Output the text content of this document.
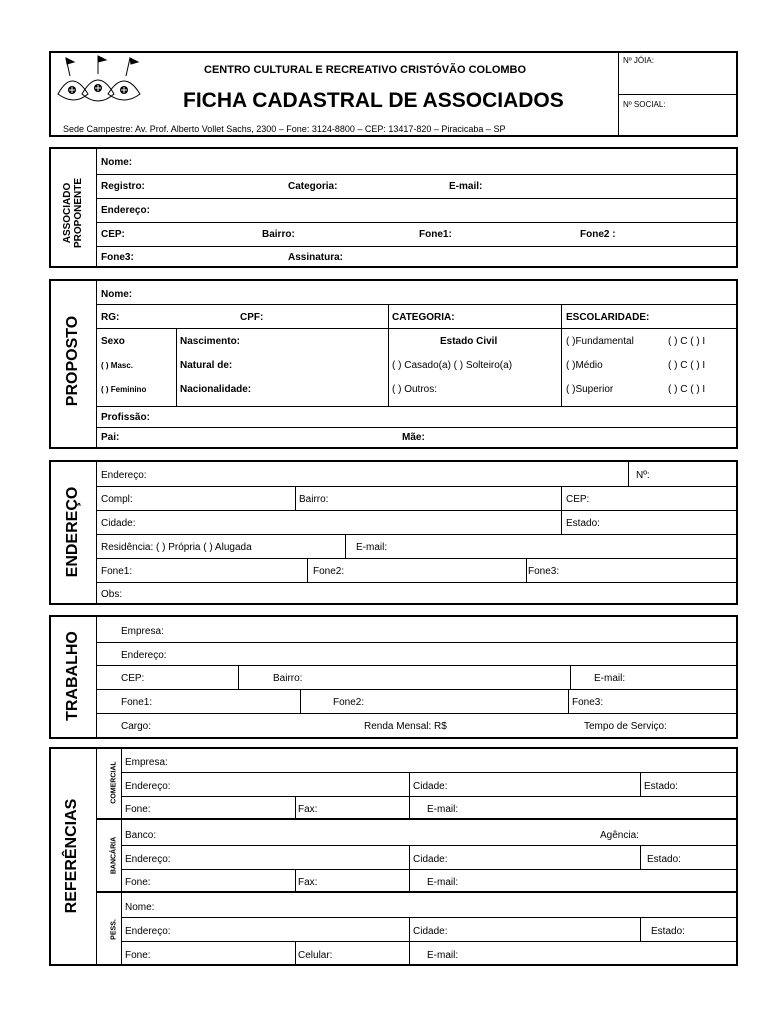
CENTRO CULTURAL E RECREATIVO CRISTÓVÃO COLOMBO
FICHA CADASTRAL DE ASSOCIADOS
Sede Campestre: Av. Prof. Alberto Vollet Sachs, 2300 – Fone: 3124-8800 – CEP: 13417-820 – Piracicaba – SP
Nº JÓIA:
Nº SOCIAL:
ASSOCIADO PROPONENTE
Nome:
Registro:	Categoria:	E-mail:
Endereço:
CEP:	Bairro:	Fone1:	Fone2 :
Fone3:	Assinatura:
PROPOSTO
Nome:
RG:	CPF:	CATEGORIA:	ESCOLARIDADE:
Sexo	Nascimento:	Estado Civil	( )Fundamental	( ) C ( ) I
( ) Masc.	Natural de:	( ) Casado(a) ( ) Solteiro(a)	( )Médio	( ) C ( ) I
( ) Feminino	Nacionalidade:	( ) Outros:	( )Superior	( ) C ( ) I
Profissão:
Pai:	Mãe:
ENDEREÇO
Endereço:	Nº:
Compl:	Bairro:	CEP:
Cidade:	Estado:
Residência: ( ) Própria ( ) Alugada	E-mail:
Fone1:	Fone2:	Fone3:
Obs:
TRABALHO	Empresa:
Endereço:
CEP:	Bairro:	E-mail:
Fone1:	Fone2:	Fone3:
Cargo:	Renda Mensal: R$	Tempo de Serviço:
REFERÊNCIAS
COMERCIAL
BANCÁRIA
PESS.
Empresa:
Endereço:	Cidade:	Estado:
Fone:	Fax:	E-mail:
Banco:	Agência:
Endereço:	Cidade:	Estado:
Fone:	Fax:	E-mail:
Nome:
Endereço:	Cidade:	Estado:
Fone:	Celular:	E-mail:
